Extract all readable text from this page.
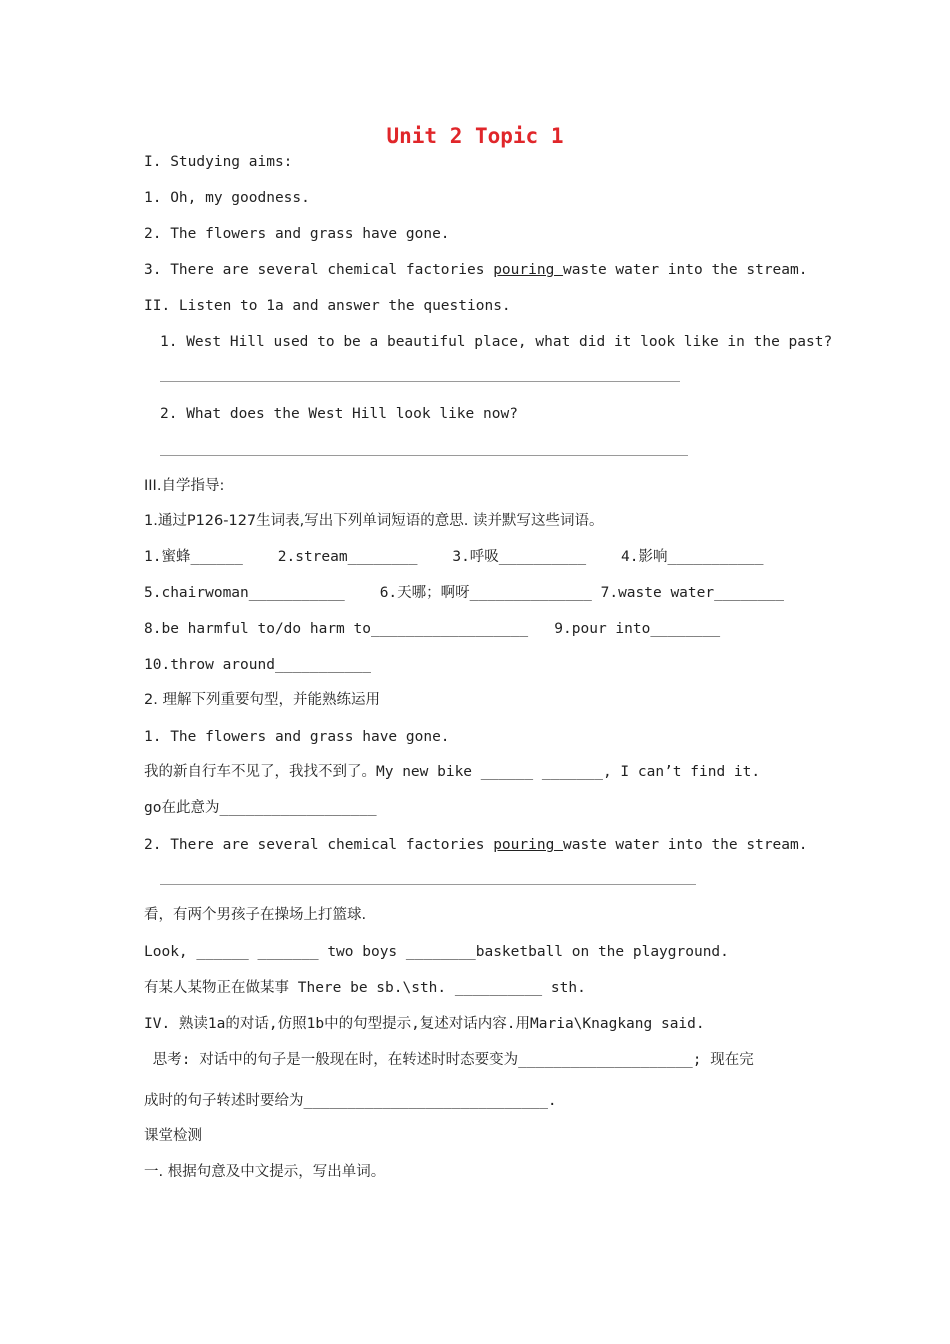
Unit 2 Topic 1
I. Studying aims:
1. Oh, my goodness.
2. The flowers and grass have gone.
3. There are several chemical factories pouring waste water into the stream.
II. Listen to 1a and answer the questions.
1. West Hill used to be a beautiful place, what did it look like in the past?
2. What does the West Hill look like now?
III.自学指导:
1.通过P126-127生词表,写出下列单词短语的意思. 读并默写这些词语。
1.蜜蜂______    2.stream________    3.呼吸__________    4.影响___________
5.chairwoman___________    6.天哪；啊呀______________ 7.waste water________
8.be harmful to/do harm to__________________   9.pour into________
10.throw around___________
2. 理解下列重要句型，并能熟练运用
1. The flowers and grass have gone.
我的新自行车不见了，我找不到了。My new bike ______ _______, I can’t find it.
go在此意为__________________
2. There are several chemical factories pouring waste water into the stream.
看，有两个男孩子在操场上打篮球.
Look, ______ _______ two boys ________basketball on the playground.
有某人某物正在做某事 There be sb.\sth. __________ sth.
IV. 熟读1a的对话,仿照1b中的句型提示,复述对话内容.用Maria\Knagkang said.
思考: 对话中的句子是一般现在时，在转述时时态要变为____________________; 现在完
成时的句子转述时要给为____________________________.
课堂检测
一. 根据句意及中文提示，写出单词。
